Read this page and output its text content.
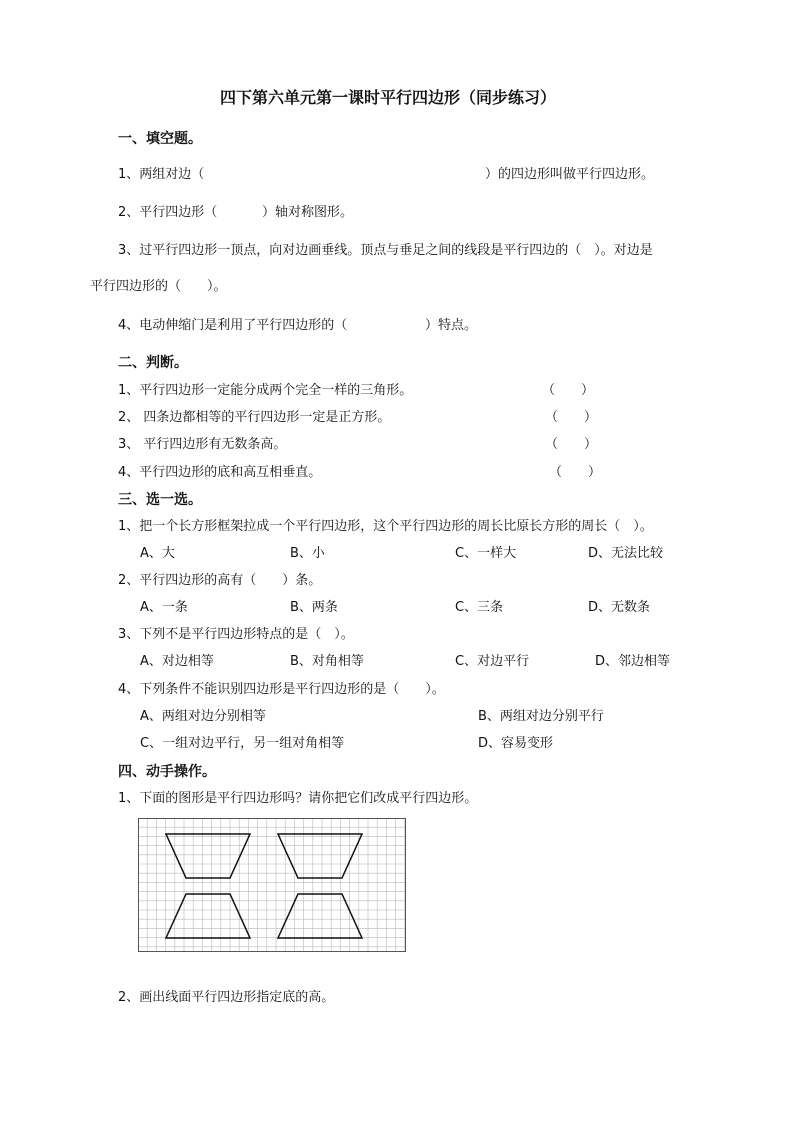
四下第六单元第一课时平行四边形（同步练习）
一、填空题。
1、两组对边（	）的四边形叫做平行四边形。
2、平行四边形（	）轴对称图形。
3、过平行四边形一顶点，向对边画垂线。顶点与垂足之间的线段是平行四边的（　）。对边是
平行四边形的（　　）。
4、电动伸缩门是利用了平行四边形的（	）特点。
二、判断。
1、平行四边形一定能分成两个完全一样的三角形。	（　　）
2、 四条边都相等的平行四边形一定是正方形。	（　　）
3、 平行四边形有无数条高。	（　　）
4、平行四边形的底和高互相垂直。	（　　）
三、选一选。
1、把一个长方形框架拉成一个平行四边形，这个平行四边形的周长比原长方形的周长（　）。
A、大	B、小	C、一样大	D、无法比较
2、平行四边形的高有（　　）条。
A、一条	B、两条	C、三条	D、无数条
3、下列不是平行四边形特点的是（　）。
A、对边相等	B、对角相等	C、对边平行	D、邻边相等
4、下列条件不能识别四边形是平行四边形的是（　　）。
A、两组对边分别相等	B、两组对边分别平行
C、一组对边平行，另一组对角相等	D、容易变形
四、动手操作。
1、下面的图形是平行四边形吗？请你把它们改成平行四边形。
2、画出线面平行四边形指定底的高。
